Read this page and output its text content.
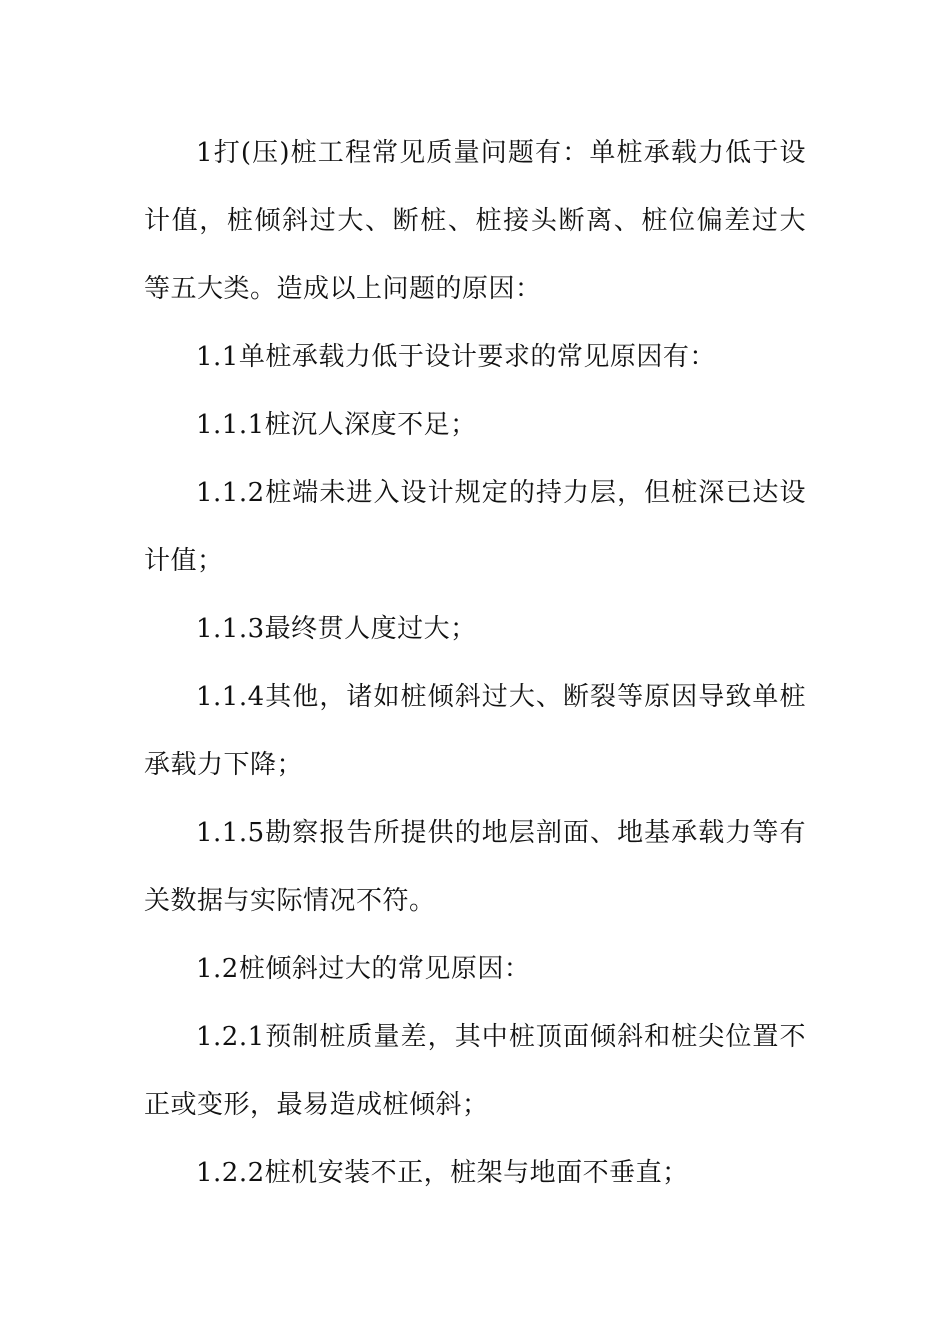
1打(压)桩工程常见质量问题有：单桩承载力低于设计值，桩倾斜过大、断桩、桩接头断离、桩位偏差过大等五大类。造成以上问题的原因：

1.1单桩承载力低于设计要求的常见原因有：

1.1.1桩沉人深度不足；

1.1.2桩端未进入设计规定的持力层，但桩深已达设计值；

1.1.3最终贯人度过大；

1.1.4其他，诸如桩倾斜过大、断裂等原因导致单桩承载力下降；

1.1.5勘察报告所提供的地层剖面、地基承载力等有关数据与实际情况不符。

1.2桩倾斜过大的常见原因：

1.2.1预制桩质量差，其中桩顶面倾斜和桩尖位置不正或变形，最易造成桩倾斜；

1.2.2桩机安装不正，桩架与地面不垂直；
